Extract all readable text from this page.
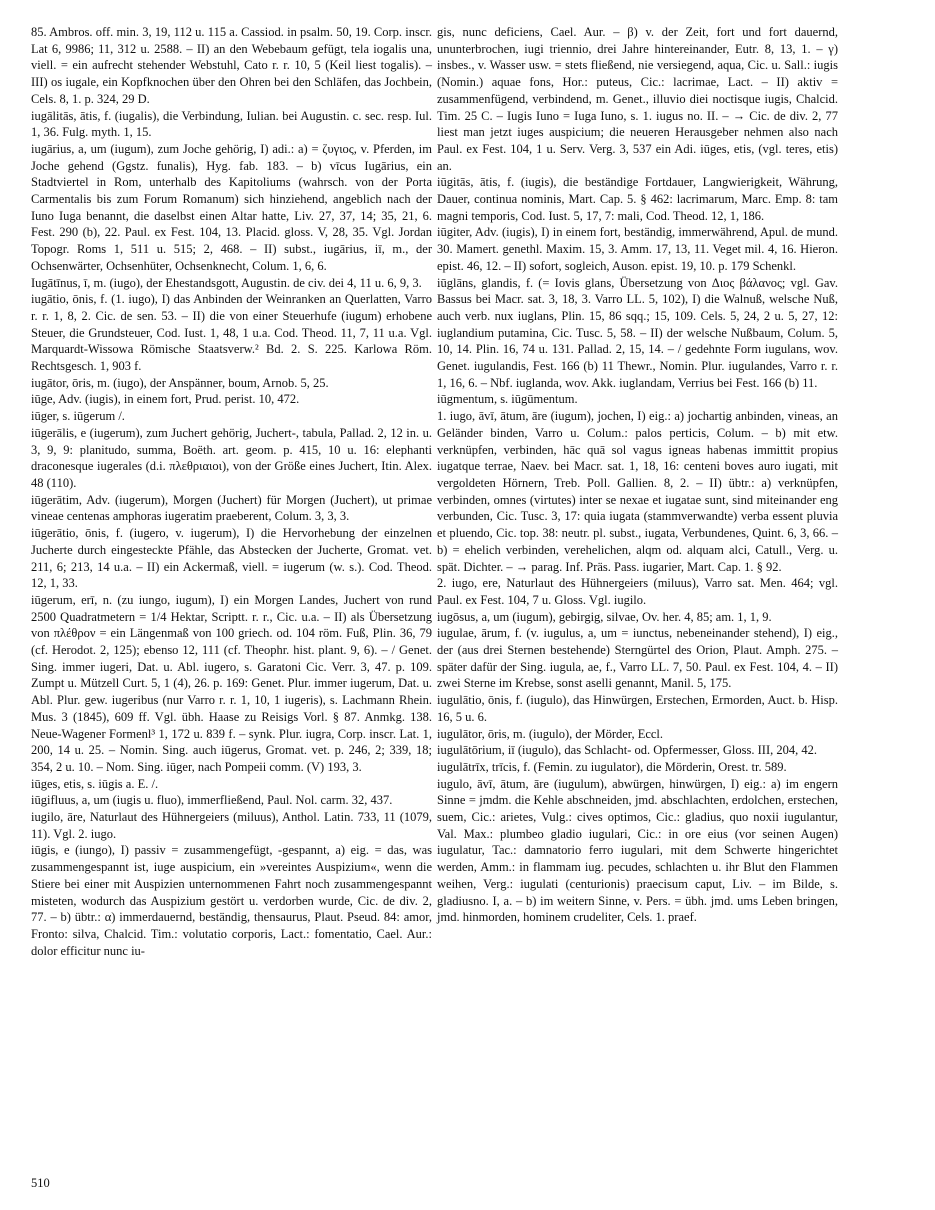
85. Ambros. off. min. 3, 19, 112 u. 115 a. Cassiod. in psalm. 50, 19. Corp. inscr. Lat 6, 9986; 11, 312 u. 2588. – II) an den Webebaum gefügt, tela iogalis una, viell. = ein aufrecht stehender Webstuhl, Cato r. r. 10, 5 (Keil liest togalis). – III) os iugale, ein Kopfknochen über den Ohren bei den Schläfen, das Jochbein, Cels. 8, 1. p. 324, 29 D.

iugālitās, ātis, f. (iugalis), die Verbindung, Iulian. bei Augustin. c. sec. resp. Iul. 1, 36. Fulg. myth. 1, 15.

iugārius, a, um (iugum), zum Joche gehörig, I) adi.: a) = ζυγιος, v. Pferden, im Joche gehend (Ggstz. funalis), Hyg. fab. 183. – b) vīcus Iugārius, ein Stadtviertel in Rom, unterhalb des Kapitoliums (wahrsch. von der Porta Carmentalis bis zum Forum Romanum) sich hinziehend, angeblich nach der Iuno Iuga benannt, die daselbst einen Altar hatte, Liv. 27, 37, 14; 35, 21, 6. Fest. 290 (b), 22. Paul. ex Fest. 104, 13. Placid. gloss. V, 28, 35. Vgl. Jordan Topogr. Roms 1, 511 u. 515; 2, 468. – II) subst., iugārius, iī, m., der Ochsenwärter, Ochsenhüter, Ochsenknecht, Colum. 1, 6, 6.

Iugātīnus, ī, m. (iugo), der Ehestandsgott, Augustin. de civ. dei 4, 11 u. 6, 9, 3.

iugātio, ōnis, f. (1. iugo), I) das Anbinden der Weinranken an Querlatten, Varro r. r. 1, 8, 2. Cic. de sen. 53. – II) die von einer Steuerhufe (iugum) erhobene Steuer, die Grundsteuer, Cod. Iust. 1, 48, 1 u.a. Cod. Theod. 11, 7, 11 u.a. Vgl. Marquardt-Wissowa Römische Staatsverw.² Bd. 2. S. 225. Karlowa Röm. Rechtsgesch. 1, 903 f.

iugātor, ōris, m. (iugo), der Anspänner, boum, Arnob. 5, 25.

iūge, Adv. (iugis), in einem fort, Prud. perist. 10, 472.

iūger, s. iūgerum /.

iūgerālis, e (iugerum), zum Juchert gehörig, Juchert-, tabula, Pallad. 2, 12 in. u. 3, 9, 9: planitudo, summa, Boëth. art. geom. p. 415, 10 u. 16: elephanti draconesque iugerales (d.i. πλεθριαιοι), von der Größe eines Juchert, Itin. Alex. 48 (110).

iūgerātim, Adv. (iugerum), Morgen (Juchert) für Morgen (Juchert), ut primae vineae centenas amphoras iugeratim praeberent, Colum. 3, 3, 3.

iūgerātio, ōnis, f. (iugero, v. iugerum), I) die Hervorhebung der einzelnen Jucherte durch eingesteckte Pfähle, das Abstecken der Jucherte, Gromat. vet. 211, 6; 213, 14 u.a. – II) ein Ackermaß, viell. = iugerum (w. s.). Cod. Theod. 12, 1, 33.

iūgerum, erī, n. (zu iungo, iugum), I) ein Morgen Landes, Juchert von rund 2500 Quadratmetern = 1/4 Hektar, Scriptt. r. r., Cic. u.a. – II) als Übersetzung von πλέθρον = ein Längenmaß von 100 griech. od. 104 röm. Fuß, Plin. 36, 79 (cf. Herodot. 2, 125); ebenso 12, 111 (cf. Theophr. hist. plant. 9, 6). – / Genet. Sing. immer iugeri, Dat. u. Abl. iugero, s. Garatoni Cic. Verr. 3, 47. p. 109. Zumpt u. Mützell Curt. 5, 1 (4), 26. p. 169: Genet. Plur. immer iugerum, Dat. u. Abl. Plur. gew. iugeribus (nur Varro r. r. 1, 10, 1 iugeris), s. Lachmann Rhein. Mus. 3 (1845), 609 ff. Vgl. übh. Haase zu Reisigs Vorl. § 87. Anmkg. 138. Neue-Wagener Formenl³ 1, 172 u. 839 f. – synk. Plur. iugra, Corp. inscr. Lat. 1, 200, 14 u. 25. – Nomin. Sing. auch iūgerus, Gromat. vet. p. 246, 2; 339, 18; 354, 2 u. 10. – Nom. Sing. iūger, nach Pompeii comm. (V) 193, 3.

iūges, etis, s. iūgis a. E. /.

iūgifluus, a, um (iugis u. fluo), immerfließend, Paul. Nol. carm. 32, 437.

iugilo, āre, Naturlaut des Hühnergeiers (miluus), Anthol. Latin. 733, 11 (1079, 11). Vgl. 2. iugo.

iūgis, e (iungo), I) passiv = zusammengefügt, -gespannt, a) eig. = das, was zusammengespannt ist, iuge auspicium, ein »vereintes Auspizium«, wenn die Stiere bei einer mit Auspizien unternommenen Fahrt noch zusammengespannt misteten, wodurch das Auspizium gestört u. verdorben wurde, Cic. de div. 2, 77. – b) übtr.: α) immerdauernd, beständig, thensaurus, Plaut. Pseud. 84: amor, Fronto: silva, Chalcid. Tim.: volutatio corporis, Lact.: fomentatio, Cael. Aur.: dolor efficitur nunc iu-

gis, nunc deficiens, Cael. Aur. – β) v. der Zeit, fort und fort dauernd, ununterbrochen, iugi triennio, drei Jahre hintereinander, Eutr. 8, 13, 1. – γ) insbes., v. Wasser usw. = stets fließend, nie versiegend, aqua, Cic. u. Sall.: iugis (Nomin.) aquae fons, Hor.: puteus, Cic.: lacrimae, Lact. – II) aktiv = zusammenfügend, verbindend, m. Genet., illuvio diei noctisque iugis, Chalcid. Tim. 25 C. – Iugis Iuno = Iuga Iuno, s. 1. iugus no. II. – → Cic. de div. 2, 77 liest man jetzt iuges auspicium; die neueren Herausgeber nehmen also nach Paul. ex Fest. 104, 1 u. Serv. Verg. 3, 537 ein Adi. iūges, etis, (vgl. teres, etis) an.

iūgitās, ātis, f. (iugis), die beständige Fortdauer, Langwierigkeit, Währung, Dauer, continua nominis, Mart. Cap. 5. § 462: lacrimarum, Marc. Emp. 8: tam magni temporis, Cod. Iust. 5, 17, 7: mali, Cod. Theod. 12, 1, 186.

iūgiter, Adv. (iugis), I) in einem fort, beständig, immerwährend, Apul. de mund. 30. Mamert. genethl. Maxim. 15, 3. Amm. 17, 13, 11. Veget mil. 4, 16. Hieron. epist. 46, 12. – II) sofort, sogleich, Auson. epist. 19, 10. p. 179 Schenkl.

iūglāns, glandis, f. (= Iovis glans, Übersetzung von Διος βάλανος; vgl. Gav. Bassus bei Macr. sat. 3, 18, 3. Varro LL. 5, 102), I) die Walnuß, welsche Nuß, auch verb. nux iuglans, Plin. 15, 86 sqq.; 15, 109. Cels. 5, 24, 2 u. 5, 27, 12: iuglandium putamina, Cic. Tusc. 5, 58. – II) der welsche Nußbaum, Colum. 5, 10, 14. Plin. 16, 74 u. 131. Pallad. 2, 15, 14. – / gedehnte Form iugulans, wov. Genet. iugulandis, Fest. 166 (b) 11 Thewr., Nomin. Plur. iugulandes, Varro r. r. 1, 16, 6. – Nbf. iuglanda, wov. Akk. iuglandam, Verrius bei Fest. 166 (b) 11.

iūgmentum, s. iūgūmentum.

1. iugo, āvī, ātum, āre (iugum), jochen, I) eig.: a) jochartig anbinden, vineas, an Geländer binden, Varro u. Colum.: palos perticis, Colum. – b) mit etw. verknüpfen, verbinden, hāc quā sol vagus igneas habenas immittit propius iugatque terrae, Naev. bei Macr. sat. 1, 18, 16: centeni boves auro iugati, mit vergoldeten Hörnern, Treb. Poll. Gallien. 8, 2. – II) übtr.: a) verknüpfen, verbinden, omnes (virtutes) inter se nexae et iugatae sunt, sind miteinander eng verbunden, Cic. Tusc. 3, 17: quia iugata (stammverwandte) verba essent pluvia et pluendo, Cic. top. 38: neutr. pl. subst., iugata, Verbundenes, Quint. 6, 3, 66. – b) = ehelich verbinden, verehelichen, alqm od. alquam alci, Catull., Verg. u. spät. Dichter. – → parag. Inf. Präs. Pass. iugarier, Mart. Cap. 1. § 92.

2. iugo, ere, Naturlaut des Hühnergeiers (miluus), Varro sat. Men. 464; vgl. Paul. ex Fest. 104, 7 u. Gloss. Vgl. iugilo.

iugōsus, a, um (iugum), gebirgig, silvae, Ov. her. 4, 85; am. 1, 1, 9.

iugulae, ārum, f. (v. iugulus, a, um = iunctus, nebeneinander stehend), I) eig., der (aus drei Sternen bestehende) Sterngürtel des Orion, Plaut. Amph. 275. – später dafür der Sing. iugula, ae, f., Varro LL. 7, 50. Paul. ex Fest. 104, 4. – II) zwei Sterne im Krebse, sonst aselli genannt, Manil. 5, 175.

iugulātio, ōnis, f. (iugulo), das Hinwürgen, Erstechen, Ermorden, Auct. b. Hisp. 16, 5 u. 6.

iugulātor, ōris, m. (iugulo), der Mörder, Eccl.

iugulātōrium, iī (iugulo), das Schlacht- od. Opfermesser, Gloss. III, 204, 42.

iugulātrīx, trīcis, f. (Femin. zu iugulator), die Mörderin, Orest. tr. 589.

iugulo, āvī, ātum, āre (iugulum), abwürgen, hinwürgen, I) eig.: a) im engern Sinne = jmdm. die Kehle abschneiden, jmd. abschlachten, erdolchen, erstechen, suem, Cic.: arietes, Vulg.: cives optimos, Cic.: gladius, quo noxii iugulantur, Val. Max.: plumbeo gladio iugulari, Cic.: in ore eius (vor seinen Augen) iugulatur, Tac.: damnatorio ferro iugulari, mit dem Schwerte hingerichtet werden, Amm.: in flammam iug. pecudes, schlachten u. ihr Blut den Flammen weihen, Verg.: iugulati (centurionis) praecisum caput, Liv. – im Bilde, s. gladiusno. I, a. – b) im weitern Sinne, v. Pers. = übh. jmd. ums Leben bringen, jmd. hinmorden, hominem crudeliter, Cels. 1. praef.

510
